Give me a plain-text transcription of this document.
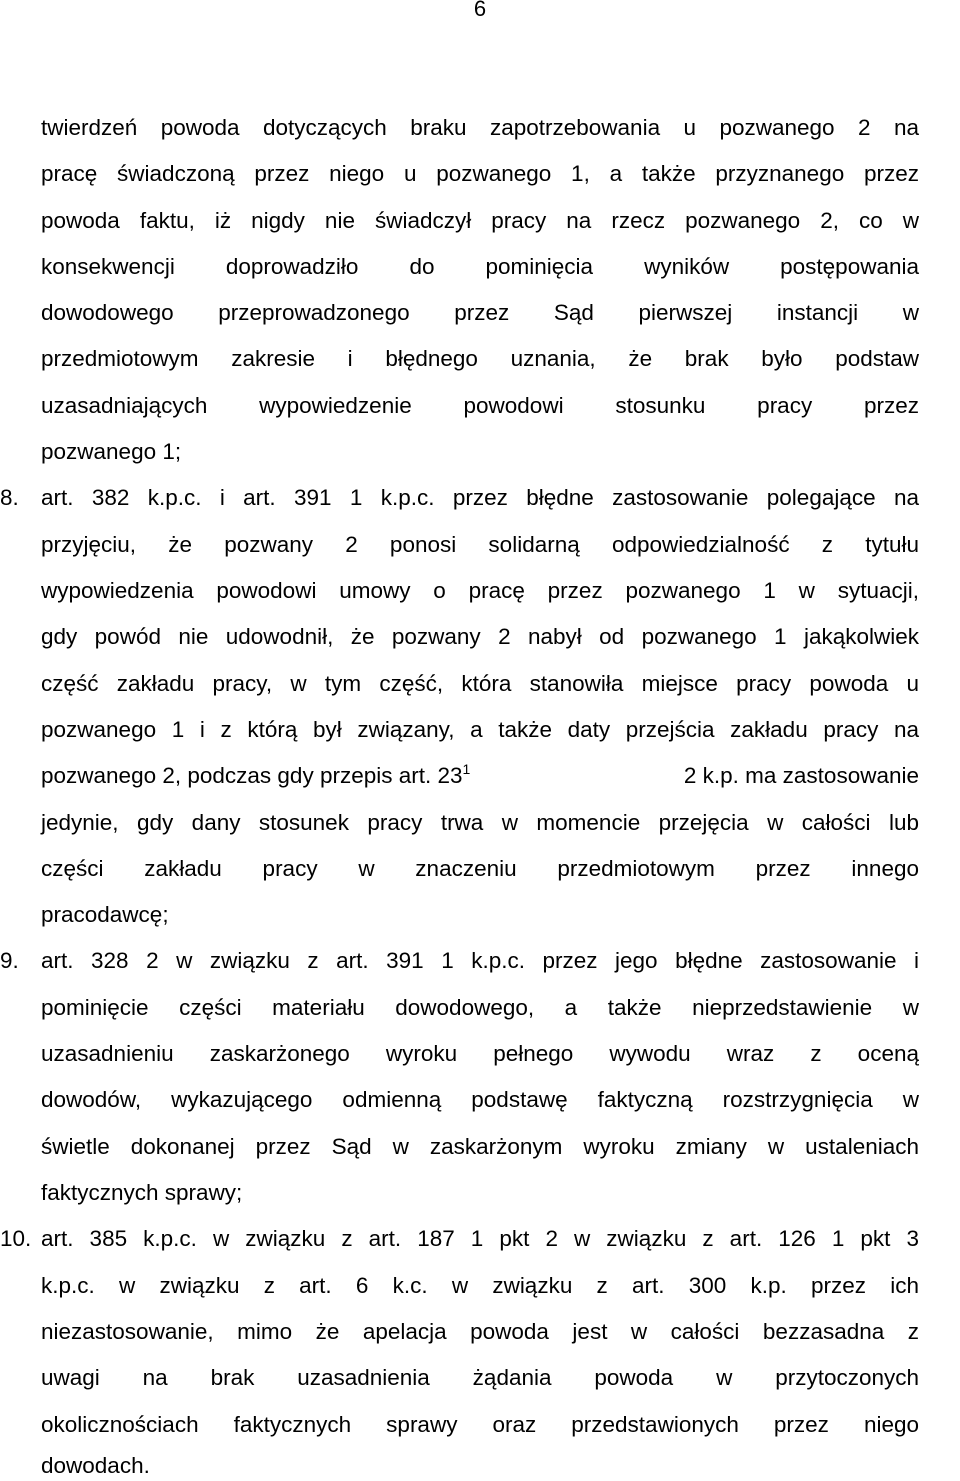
6
twierdzeń powoda dotyczących braku zapotrzebowania u pozwanego 2 na
pracę świadczoną przez niego u pozwanego 1, a także przyznanego przez
powoda faktu, iż nigdy nie świadczył pracy na rzecz pozwanego 2, co w
konsekwencji doprowadziło do pominięcia wyników postępowania
dowodowego przeprowadzonego przez Sąd pierwszej instancji w
przedmiotowym zakresie i błędnego uznania, że brak było podstaw
uzasadniających wypowiedzenie powodowi stosunku pracy przez
pozwanego 1;
8. art. 382 k.p.c. i art. 391 1 k.p.c. przez błędne zastosowanie polegające na
przyjęciu, że pozwany 2 ponosi solidarną odpowiedzialność z tytułu
wypowiedzenia powodowi umowy o pracę przez pozwanego 1 w sytuacji,
gdy powód nie udowodnił, że pozwany 2 nabył od pozwanego 1 jakąkolwiek
część zakładu pracy, w tym część, która stanowiła miejsce pracy powoda u
pozwanego 1 i z którą był związany, a także daty przejścia zakładu pracy na
pozwanego 2, podczas gdy przepis art. $23^1$	2 k.p. ma zastosowanie
jedynie, gdy dany stosunek pracy trwa w momencie przejęcia w całości lub
części zakładu pracy w znaczeniu przedmiotowym przez innego
pracodawcę;
9. art. 328 2 w związku z art. 391 1 k.p.c. przez jego błędne zastosowanie i
pominięcie części materiału dowodowego, a także nieprzedstawienie w
uzasadnieniu zaskarżonego wyroku pełnego wywodu wraz z oceną
dowodów, wykazującego odmienną podstawę faktyczną rozstrzygnięcia w
świetle dokonanej przez Sąd w zaskarżonym wyroku zmiany w ustaleniach
faktycznych sprawy;
10. art. 385 k.p.c. w związku z art. 187 1 pkt 2 w związku z art. 126 1 pkt 3
k.p.c. w związku z art. 6 k.c. w związku z art. 300 k.p. przez ich
niezastosowanie, mimo że apelacja powoda jest w całości bezzasadna z
uwagi na brak uzasadnienia żądania powoda w przytoczonych
okolicznościach faktycznych sprawy oraz przedstawionych przez niego
dowodach.
